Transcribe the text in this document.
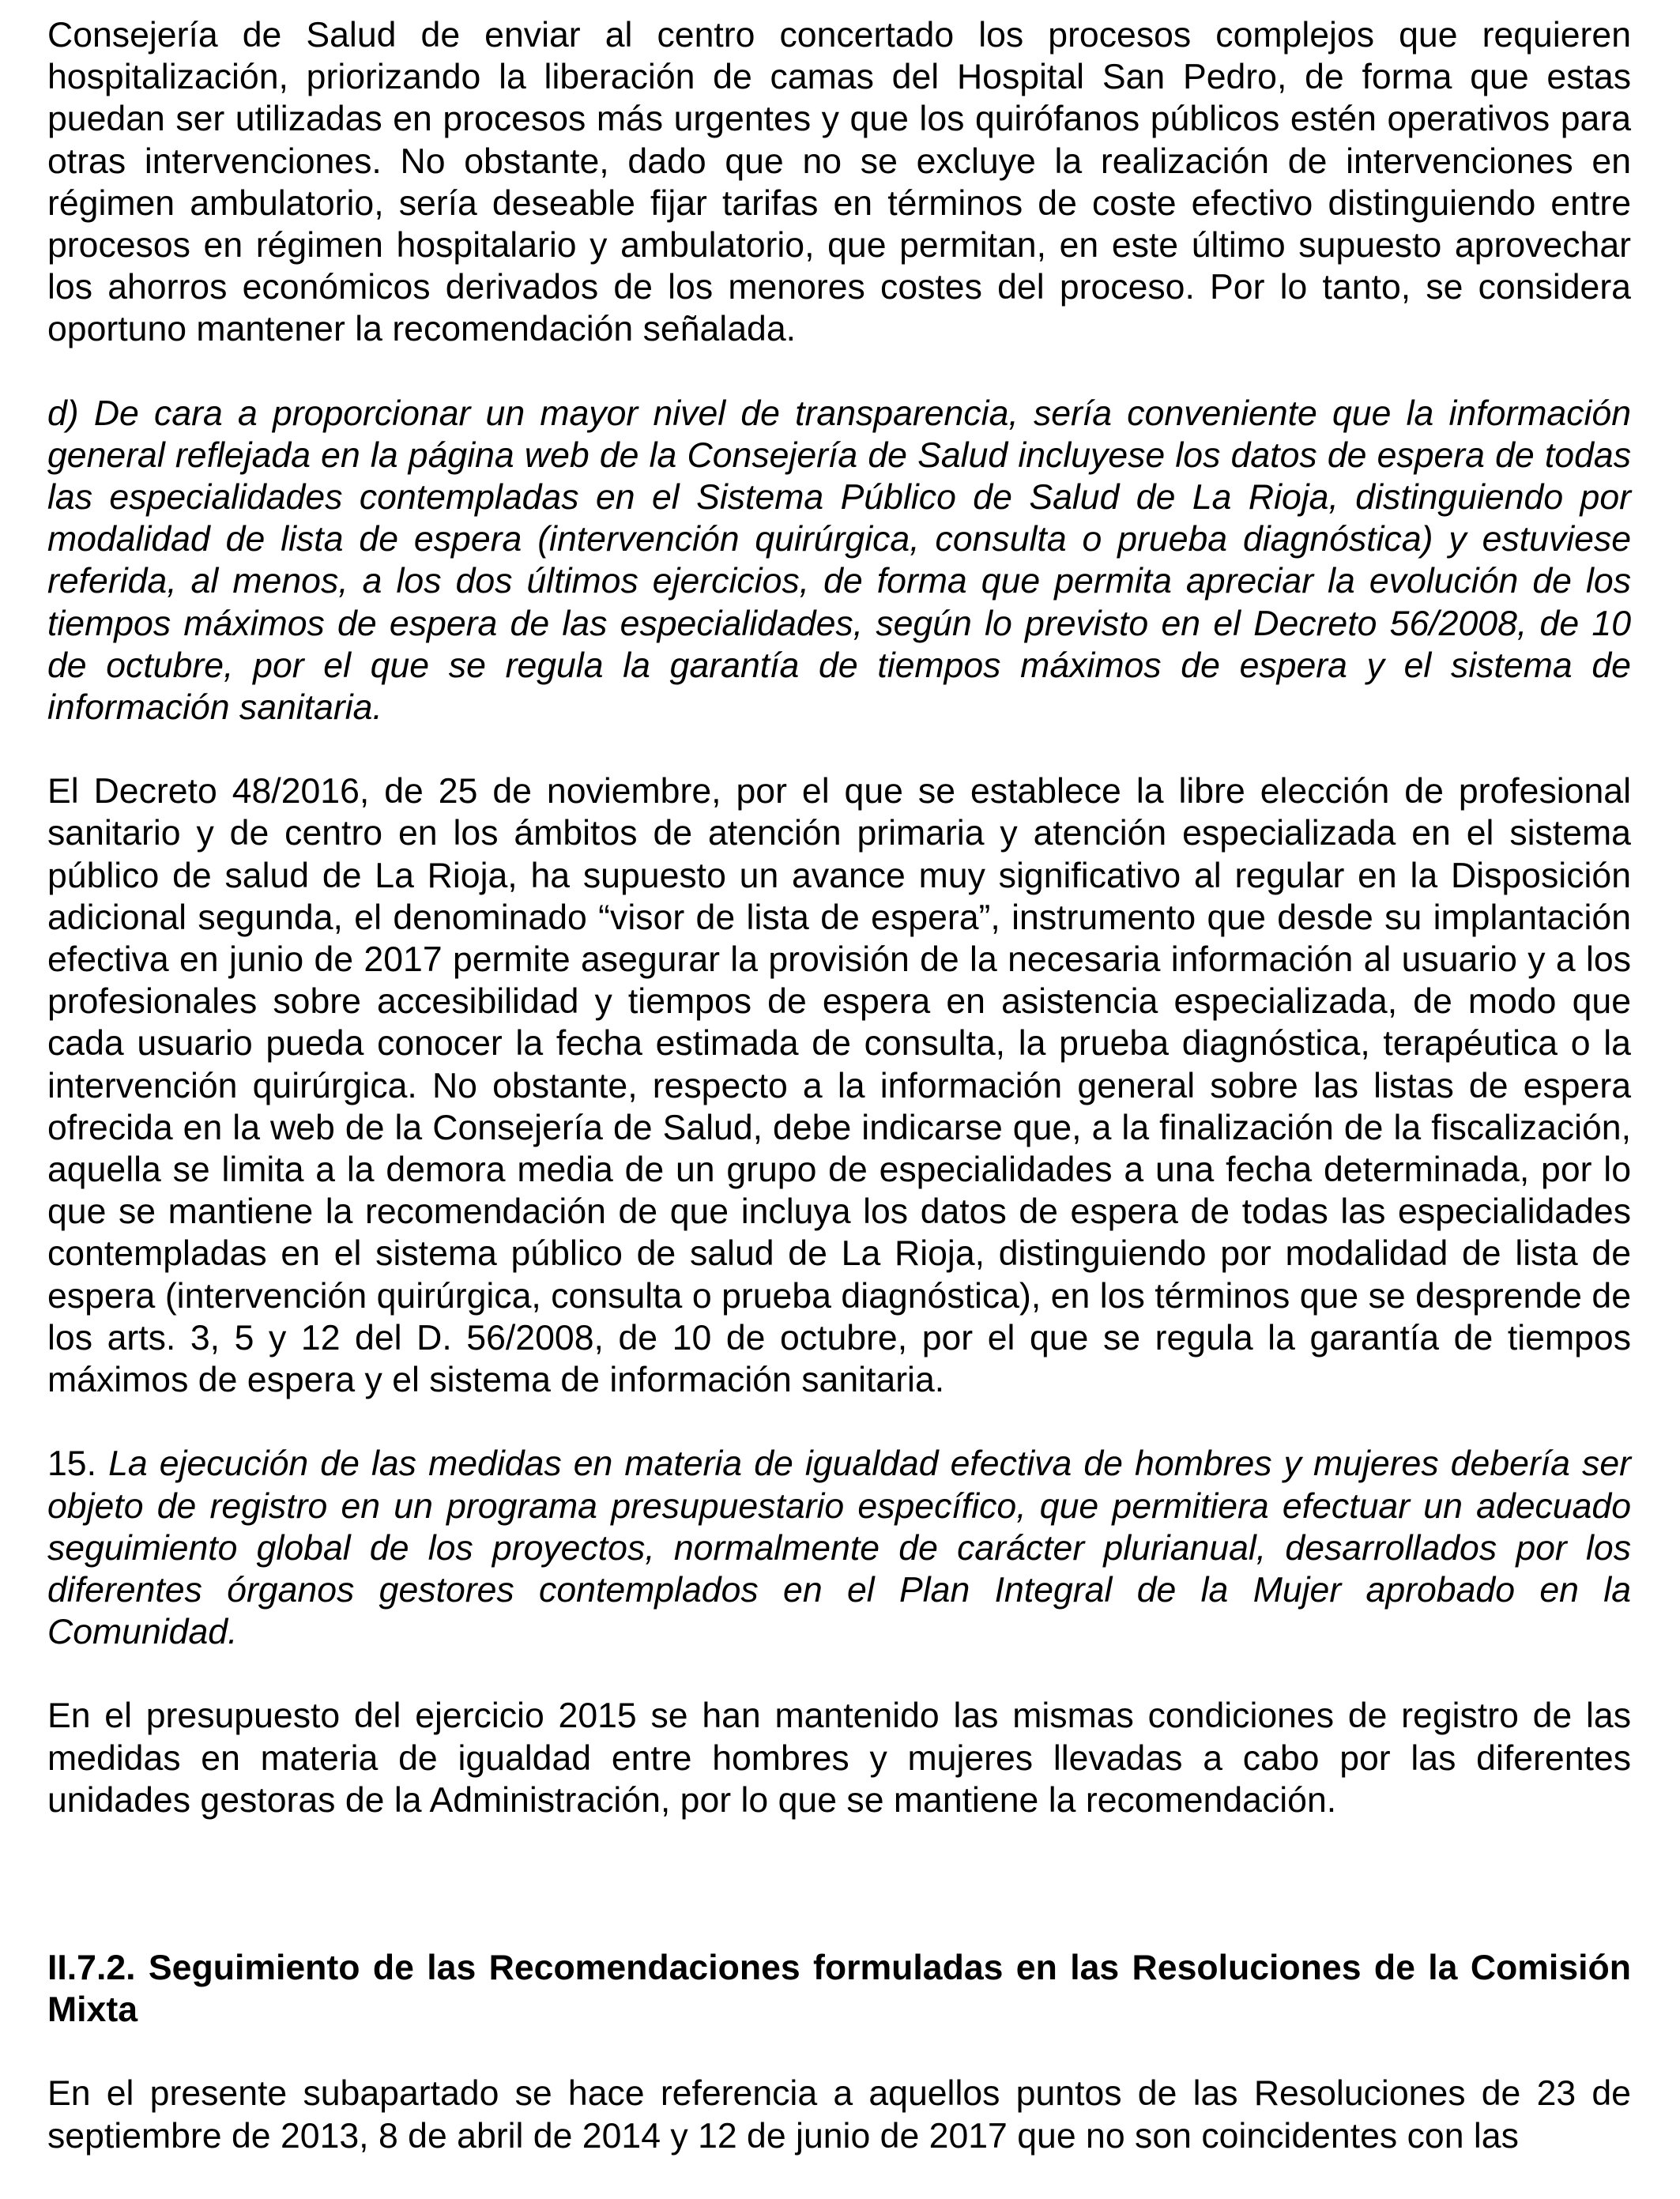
Consejería de Salud de enviar al centro concertado los procesos complejos que requieren hospitalización, priorizando la liberación de camas del Hospital San Pedro, de forma que estas puedan ser utilizadas en procesos más urgentes y que los quirófanos públicos estén operativos para otras intervenciones. No obstante, dado que no se excluye la realización de intervenciones en régimen ambulatorio, sería deseable fijar tarifas en términos de coste efectivo distinguiendo entre procesos en régimen hospitalario y ambulatorio, que permitan, en este último supuesto aprovechar los ahorros económicos derivados de los menores costes del proceso. Por lo tanto, se considera oportuno mantener la recomendación señalada.

d) De cara a proporcionar un mayor nivel de transparencia, sería conveniente que la información general reflejada en la página web de la Consejería de Salud incluyese los datos de espera de todas las especialidades contempladas en el Sistema Público de Salud de La Rioja, distinguiendo por modalidad de lista de espera (intervención quirúrgica, consulta o prueba diagnóstica) y estuviese referida, al menos, a los dos últimos ejercicios, de forma que permita apreciar la evolución de los tiempos máximos de espera de las especialidades, según lo previsto en el Decreto 56/2008, de 10 de octubre, por el que se regula la garantía de tiempos máximos de espera y el sistema de información sanitaria.

El Decreto 48/2016, de 25 de noviembre, por el que se establece la libre elección de profesional sanitario y de centro en los ámbitos de atención primaria y atención especializada en el sistema público de salud de La Rioja, ha supuesto un avance muy significativo al regular en la Disposición adicional segunda, el denominado “visor de lista de espera”, instrumento que desde su implantación efectiva en junio de 2017 permite asegurar la provisión de la necesaria información al usuario y a los profesionales sobre accesibilidad y tiempos de espera en asistencia especializada, de modo que cada usuario pueda conocer la fecha estimada de consulta, la prueba diagnóstica, terapéutica o la intervención quirúrgica. No obstante, respecto a la información general sobre las listas de espera ofrecida en la web de la Consejería de Salud, debe indicarse que, a la finalización de la fiscalización, aquella se limita a la demora media de un grupo de especialidades a una fecha determinada, por lo que se mantiene la recomendación de que incluya los datos de espera de todas las especialidades contempladas en el sistema público de salud de La Rioja, distinguiendo por modalidad de lista de espera (intervención quirúrgica, consulta o prueba diagnóstica), en los términos que se desprende de los arts. 3, 5 y 12 del D. 56/2008, de 10 de octubre, por el que se regula la garantía de tiempos máximos de espera y el sistema de información sanitaria.

15. La ejecución de las medidas en materia de igualdad efectiva de hombres y mujeres debería ser objeto de registro en un programa presupuestario específico, que permitiera efectuar un adecuado seguimiento global de los proyectos, normalmente de carácter plurianual, desarrollados por los diferentes órganos gestores contemplados en el Plan Integral de la Mujer aprobado en la Comunidad.

En el presupuesto del ejercicio 2015 se han mantenido las mismas condiciones de registro de las medidas en materia de igualdad entre hombres y mujeres llevadas a cabo por las diferentes unidades gestoras de la Administración, por lo que se mantiene la recomendación.

II.7.2. Seguimiento de las Recomendaciones formuladas en las Resoluciones de la Comisión Mixta

En el presente subapartado se hace referencia a aquellos puntos de las Resoluciones de 23 de septiembre de 2013, 8 de abril de 2014 y 12 de junio de 2017 que no son coincidentes con las
